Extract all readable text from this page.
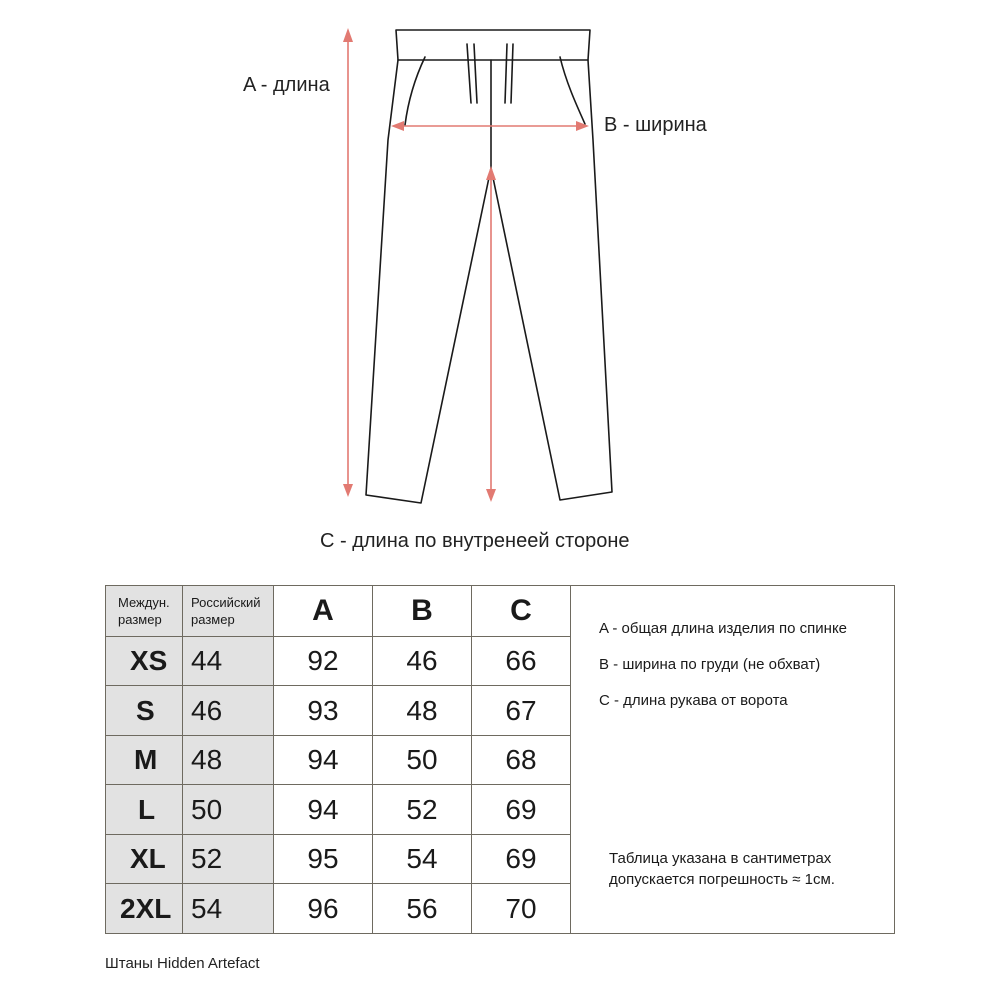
A - длина
B - ширина
C - длина по внутренеей стороне
Междун. размер	Российский размер	A	B	C	A - общая длина изделия по спинке
B - ширина по груди (не обхват)
C - длина рукава от ворота
Таблица указана в сантиметрах
допускается погрешность ≈ 1см.

XS	44	92	46	66	
S	46	93	48	67	
M	48	94	50	68	
L	50	94	52	69	
XL	52	95	54	69	
2XL	54	96	56	70	
Штаны Hidden Artefact
